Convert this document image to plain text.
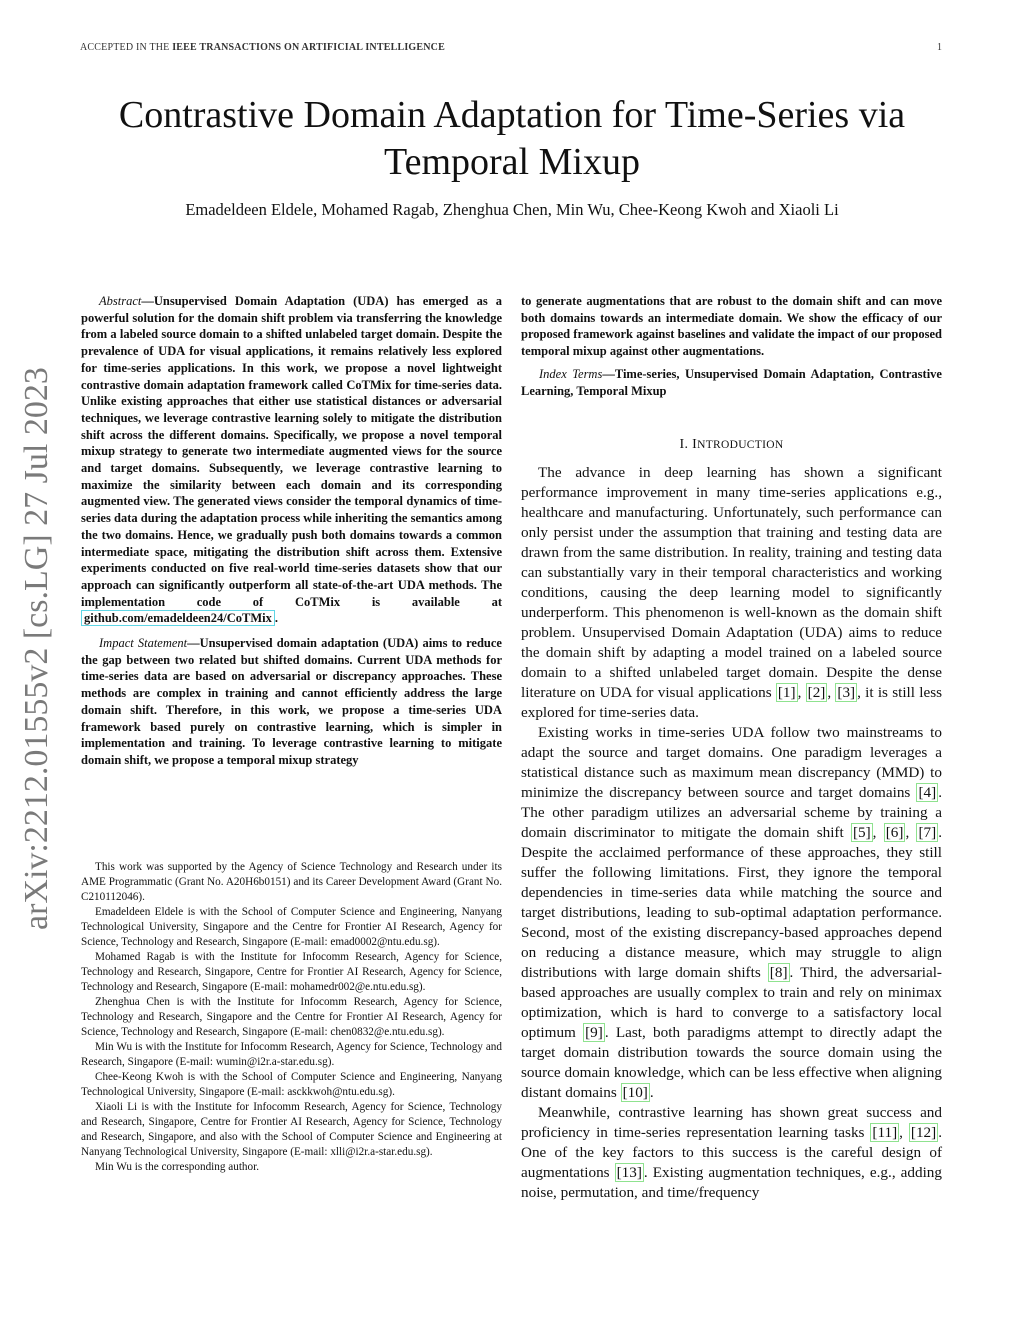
ACCEPTED IN THE IEEE TRANSACTIONS ON ARTIFICIAL INTELLIGENCE	1
Contrastive Domain Adaptation for Time-Series via Temporal Mixup
Emadeldeen Eldele, Mohamed Ragab, Zhenghua Chen, Min Wu, Chee-Keong Kwoh and Xiaoli Li
arXiv:2212.01555v2 [cs.LG] 27 Jul 2023

Abstract—Unsupervised Domain Adaptation (UDA) has emerged as a powerful solution for the domain shift problem via transferring the knowledge from a labeled source domain to a shifted unlabeled target domain. Despite the prevalence of UDA for visual applications, it remains relatively less explored for time-series applications. In this work, we propose a novel lightweight contrastive domain adaptation framework called CoTMix for time-series data. Unlike existing approaches that either use statistical distances or adversarial techniques, we leverage contrastive learning solely to mitigate the distribution shift across the different domains. Specifically, we propose a novel temporal mixup strategy to generate two intermediate augmented views for the source and target domains. Subsequently, we leverage contrastive learning to maximize the similarity between each domain and its corresponding augmented view. The generated views consider the temporal dynamics of time-series data during the adaptation process while inheriting the semantics among the two domains. Hence, we gradually push both domains towards a common intermediate space, mitigating the distribution shift across them. Extensive experiments conducted on five real-world time-series datasets show that our approach can significantly outperform all state-of-the-art UDA methods. The implementation code of CoTMix is available at github.com/emadeldeen24/CoTMix .

Impact Statement—Unsupervised domain adaptation (UDA) aims to reduce the gap between two related but shifted domains. Current UDA methods for time-series data are based on adversarial or discrepancy approaches. These methods are complex in training and cannot efficiently address the large domain shift. Therefore, in this work, we propose a time-series UDA framework based purely on contrastive learning, which is simpler in implementation and training. To leverage contrastive learning to mitigate domain shift, we propose a temporal mixup strategy

This work was supported by the Agency of Science Technology and Research under its AME Programmatic (Grant No. A20H6b0151) and its Career Development Award (Grant No. C210112046).

Emadeldeen Eldele is with the School of Computer Science and Engineering, Nanyang Technological University, Singapore and the Centre for Frontier AI Research, Agency for Science, Technology and Research, Singapore (E-mail: emad0002@ntu.edu.sg).

Mohamed Ragab is with the Institute for Infocomm Research, Agency for Science, Technology and Research, Singapore, Centre for Frontier AI Research, Agency for Science, Technology and Research, Singapore (E-mail: mohamedr002@e.ntu.edu.sg).

Zhenghua Chen is with the Institute for Infocomm Research, Agency for Science, Technology and Research, Singapore and the Centre for Frontier AI Research, Agency for Science, Technology and Research, Singapore (E-mail: chen0832@e.ntu.edu.sg).

Min Wu is with the Institute for Infocomm Research, Agency for Science, Technology and Research, Singapore (E-mail: wumin@i2r.a-star.edu.sg).

Chee-Keong Kwoh is with the School of Computer Science and Engineering, Nanyang Technological University, Singapore (E-mail: asckkwoh@ntu.edu.sg).

Xiaoli Li is with the Institute for Infocomm Research, Agency for Science, Technology and Research, Singapore, Centre for Frontier AI Research, Agency for Science, Technology and Research, Singapore, and also with the School of Computer Science and Engineering at Nanyang Technological University, Singapore (E-mail: xlli@i2r.a-star.edu.sg).

Min Wu is the corresponding author.

to generate augmentations that are robust to the domain shift and can move both domains towards an intermediate domain. We show the efficacy of our proposed framework against baselines and validate the impact of our proposed temporal mixup against other augmentations.

Index Terms—Time-series, Unsupervised Domain Adaptation, Contrastive Learning, Temporal Mixup

I. INTRODUCTION

The advance in deep learning has shown a significant performance improvement in many time-series applications e.g., healthcare and manufacturing. Unfortunately, such performance can only persist under the assumption that training and testing data are drawn from the same distribution. In reality, training and testing data can substantially vary in their temporal characteristics and working conditions, causing the deep learning model to significantly underperform. This phenomenon is well-known as the domain shift problem. Unsupervised Domain Adaptation (UDA) aims to reduce the domain shift by adapting a model trained on a labeled source domain to a shifted unlabeled target domain. Despite the dense literature on UDA for visual applications [1] , [2] , [3] , it is still less explored for time-series data.

Existing works in time-series UDA follow two mainstreams to adapt the source and target domains. One paradigm leverages a statistical distance such as maximum mean discrepancy (MMD) to minimize the discrepancy between source and target domains [4] . The other paradigm utilizes an adversarial scheme by training a domain discriminator to mitigate the domain shift [5] , [6] , [7] . Despite the acclaimed performance of these approaches, they still suffer the following limitations. First, they ignore the temporal dependencies in time-series data while matching the source and target distributions, leading to sub-optimal adaptation performance. Second, most of the existing discrepancy-based approaches depend on reducing a distance measure, which may struggle to align distributions with large domain shifts [8] . Third, the adversarial-based approaches are usually complex to train and rely on minimax optimization, which is hard to converge to a satisfactory local optimum [9] . Last, both paradigms attempt to directly adapt the target domain distribution towards the source domain using the source domain knowledge, which can be less effective when aligning distant domains [10] .

Meanwhile, contrastive learning has shown great success and proficiency in time-series representation learning tasks [11] , [12] . One of the key factors to this success is the careful design of augmentations [13] . Existing augmentation techniques, e.g., adding noise, permutation, and time/frequency
